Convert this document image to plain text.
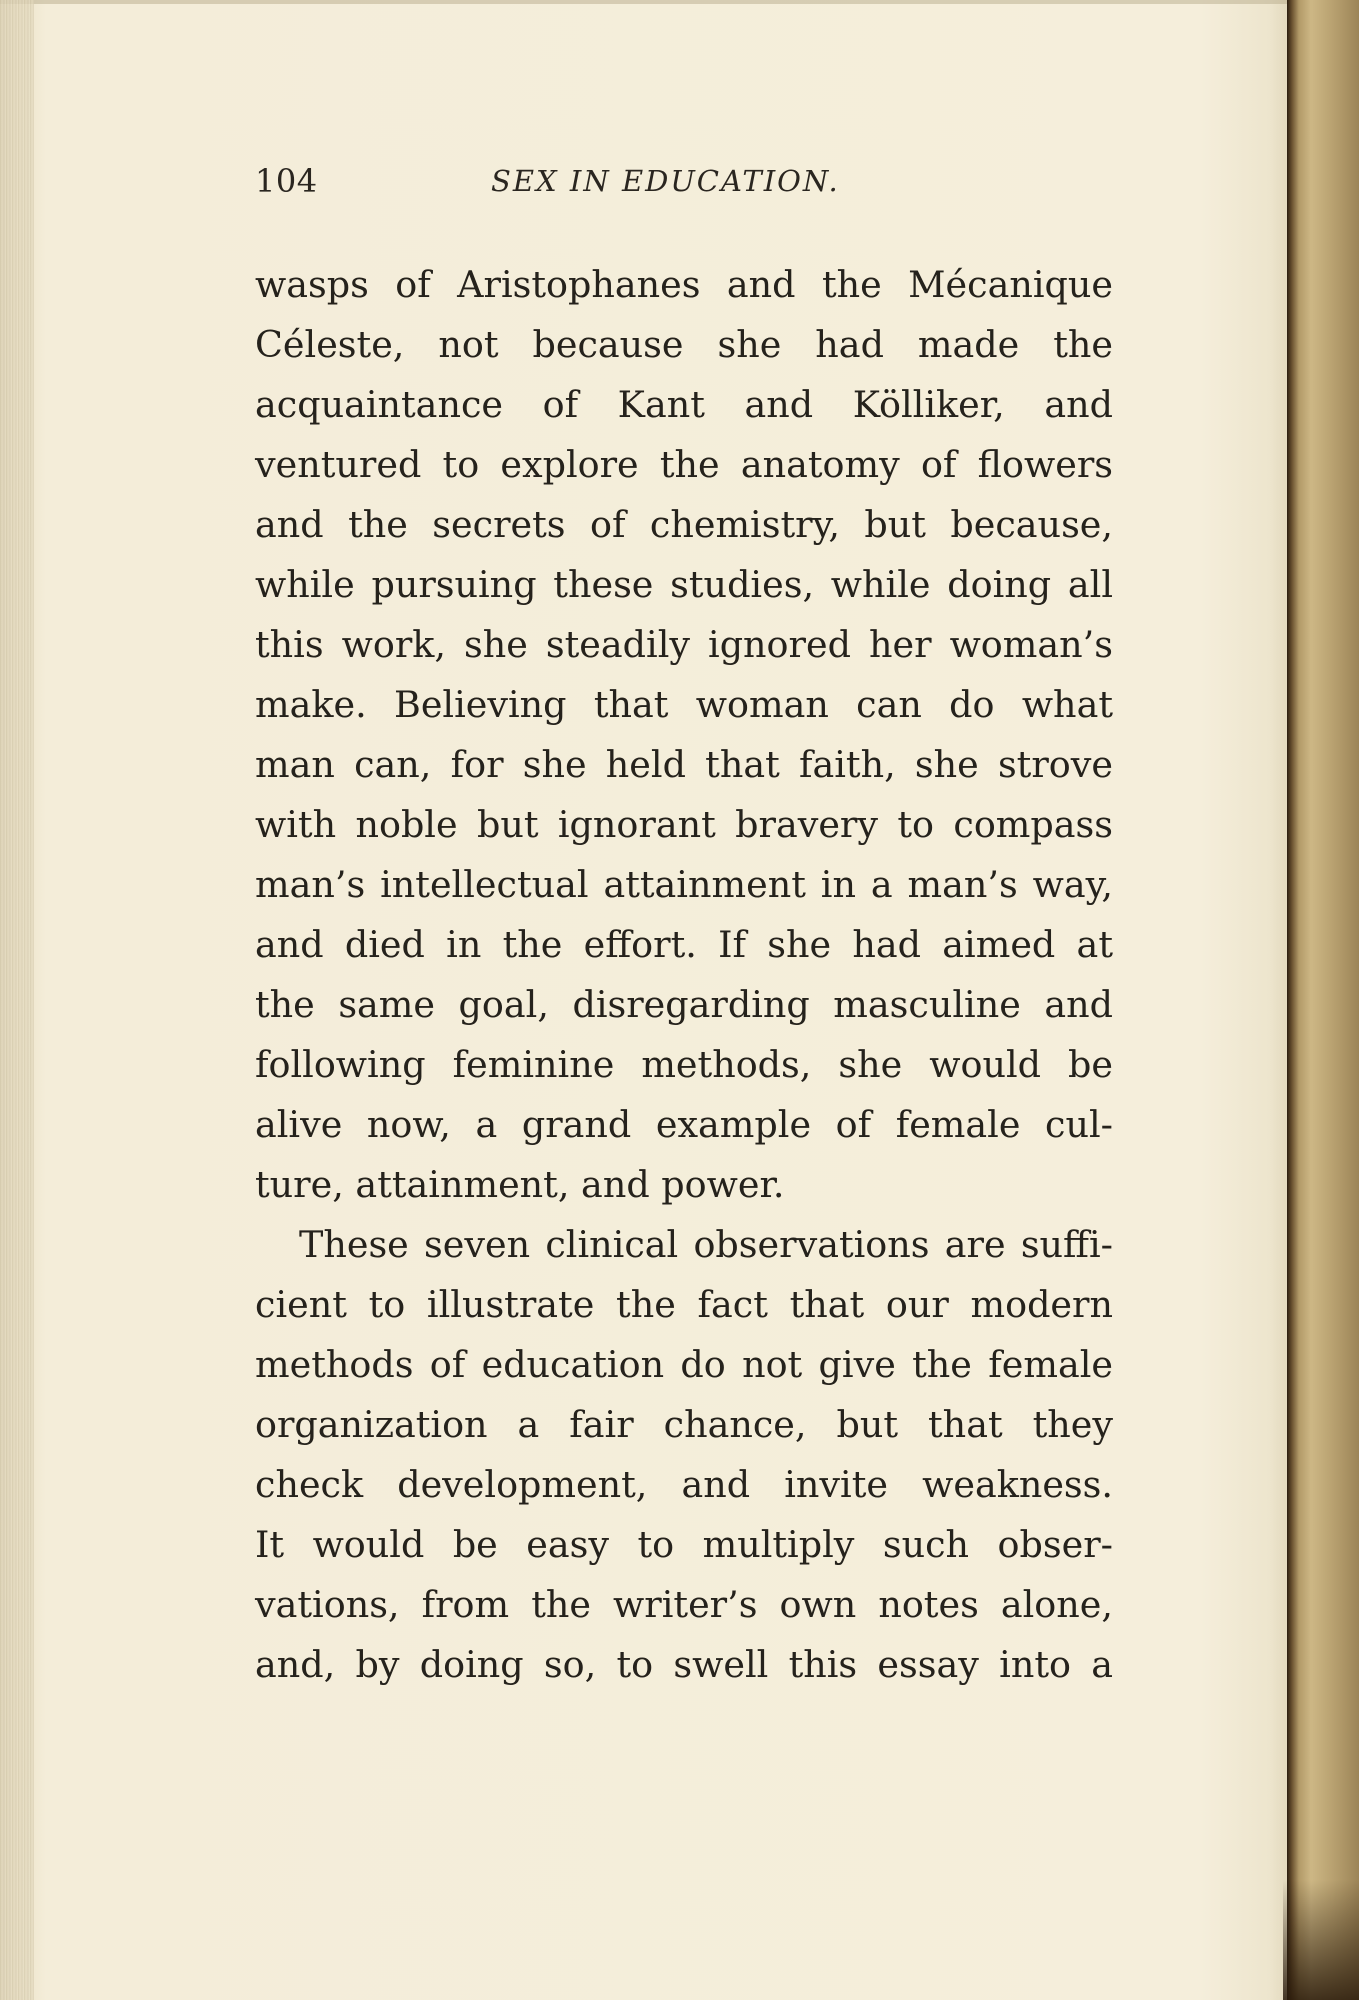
104	SEX IN EDUCATION.
wasps of Aristophanes and the Mécanique
Céleste, not because she had made the
acquaintance of Kant and Kölliker, and
ventured to explore the anatomy of flowers
and the secrets of chemistry, but because,
while pursuing these studies, while doing all
this work, she steadily ignored her woman’s
make. Believing that woman can do what
man can, for she held that faith, she strove
with noble but ignorant bravery to compass
man’s intellectual attainment in a man’s way,
and died in the effort. If she had aimed at
the same goal, disregarding masculine and
following feminine methods, she would be
alive now, a grand example of female cul-
ture, attainment, and power.
These seven clinical observations are suffi-
cient to illustrate the fact that our modern
methods of education do not give the female
organization a fair chance, but that they
check development, and invite weakness.
It would be easy to multiply such obser-
vations, from the writer’s own notes alone,
and, by doing so, to swell this essay into a
